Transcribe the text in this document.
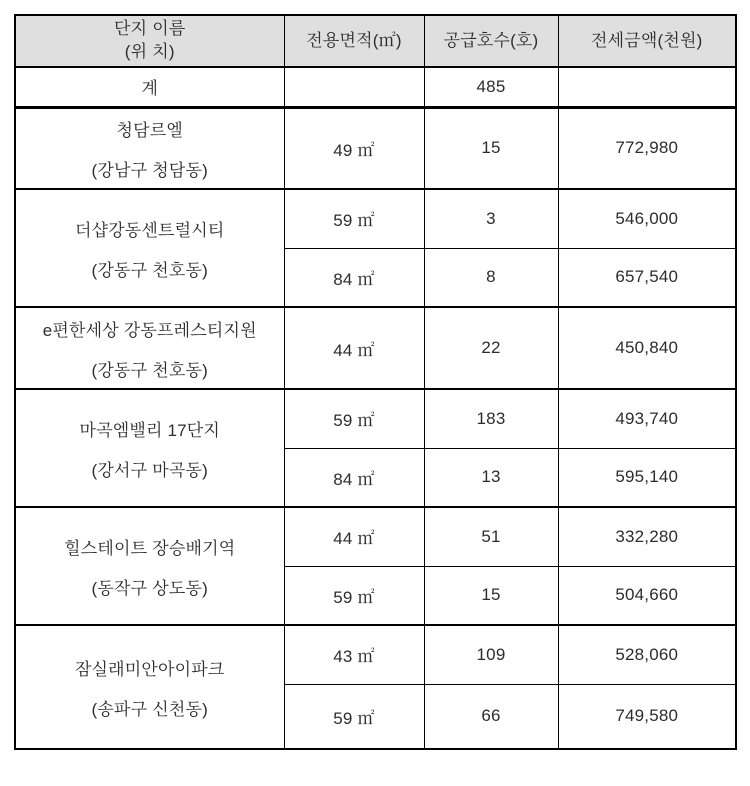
단지 이름
(위 치)	전용면적(㎡)	공급호수(호)	전세금액(천원)
계		485	

청담르엘
(강남구 청담동)	49 ㎡	15	772,980

더샵강동센트럴시티
(강동구 천호동)	59 ㎡	3	546,000
	84 ㎡	8	657,540

e편한세상 강동프레스티지원
(강동구 천호동)	44 ㎡	22	450,840

마곡엠밸리 17단지
(강서구 마곡동)	59 ㎡	183	493,740
	84 ㎡	13	595,140

힐스테이트 장승배기역
(동작구 상도동)	44 ㎡	51	332,280
	59 ㎡	15	504,660

잠실래미안아이파크
(송파구 신천동)	43 ㎡	109	528,060
	59 ㎡	66	749,580
